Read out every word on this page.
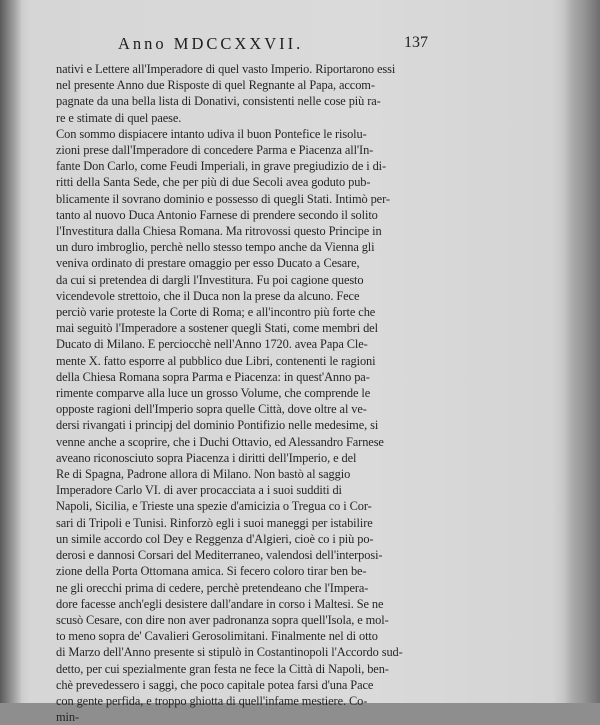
Anno MDCCXXVII.	137

nativi e Lettere all'Imperadore di quel vasto Imperio. Riportarono essi
nel presente Anno due Risposte di quel Regnante al Papa, accom-
pagnate da una bella lista di Donativi, consistenti nelle cose più ra-
re e stimate di quel paese.

Con sommo dispiacere intanto udiva il buon Pontefice le risolu-
zioni prese dall'Imperadore di concedere Parma e Piacenza all'In-
fante Don Carlo, come Feudi Imperiali, in grave pregiudizio de i di-
ritti della Santa Sede, che per più di due Secoli avea goduto pub-
blicamente il sovrano dominio e possesso di quegli Stati. Intimò per-
tanto al nuovo Duca Antonio Farnese di prendere secondo il solito
l'Investitura dalla Chiesa Romana. Ma ritrovossi questo Principe in
un duro imbroglio, perchè nello stesso tempo anche da Vienna gli
veniva ordinato di prestare omaggio per esso Ducato a Cesare,
da cui si pretendea di dargli l'Investitura. Fu poi cagione questo
vicendevole strettoio, che il Duca non la prese da alcuno. Fece
perciò varie proteste la Corte di Roma; e all'incontro più forte che
mai seguitò l'Imperadore a sostener quegli Stati, come membri del
Ducato di Milano. E perciocchè nell'Anno 1720. avea Papa Cle-
mente X. fatto esporre al pubblico due Libri, contenenti le ragioni
della Chiesa Romana sopra Parma e Piacenza: in quest'Anno pa-
rimente comparve alla luce un grosso Volume, che comprende le
opposte ragioni dell'Imperio sopra quelle Città, dove oltre al ve-
dersi rivangati i principj del dominio Pontifizio nelle medesime, si
venne anche a scoprire, che i Duchi Ottavio, ed Alessandro Farnese
aveano riconosciuto sopra Piacenza i diritti dell'Imperio, e del
Re di Spagna, Padrone allora di Milano. Non bastò al saggio
Imperadore Carlo VI. di aver procacciata a i suoi sudditi di
Napoli, Sicilia, e Trieste una spezie d'amicizia o Tregua co i Cor-
sari di Tripoli e Tunisi. Rinforzò egli i suoi maneggi per istabilire
un simile accordo col Dey e Reggenza d'Algieri, cioè co i più po-
derosi e dannosi Corsari del Mediterraneo, valendosi dell'interposi-
zione della Porta Ottomana amica. Si fecero coloro tirar ben be-
ne gli orecchi prima di cedere, perchè pretendeano che l'Impera-
dore facesse anch'egli desistere dall'andare in corso i Maltesi. Se ne
scusò Cesare, con dire non aver padronanza sopra quell'Isola, e mol-
to meno sopra de' Cavalieri Gerosolimitani. Finalmente nel di otto
di Marzo dell'Anno presente si stipulò in Costantinopoli l'Accordo sud-
detto, per cui spezialmente gran festa ne fece la Città di Napoli, ben-
chè prevedessero i saggi, che poco capitale potea farsi d'una Pace
con gente perfida, e troppo ghiotta di quell'infame mestiere. Co-
min-
